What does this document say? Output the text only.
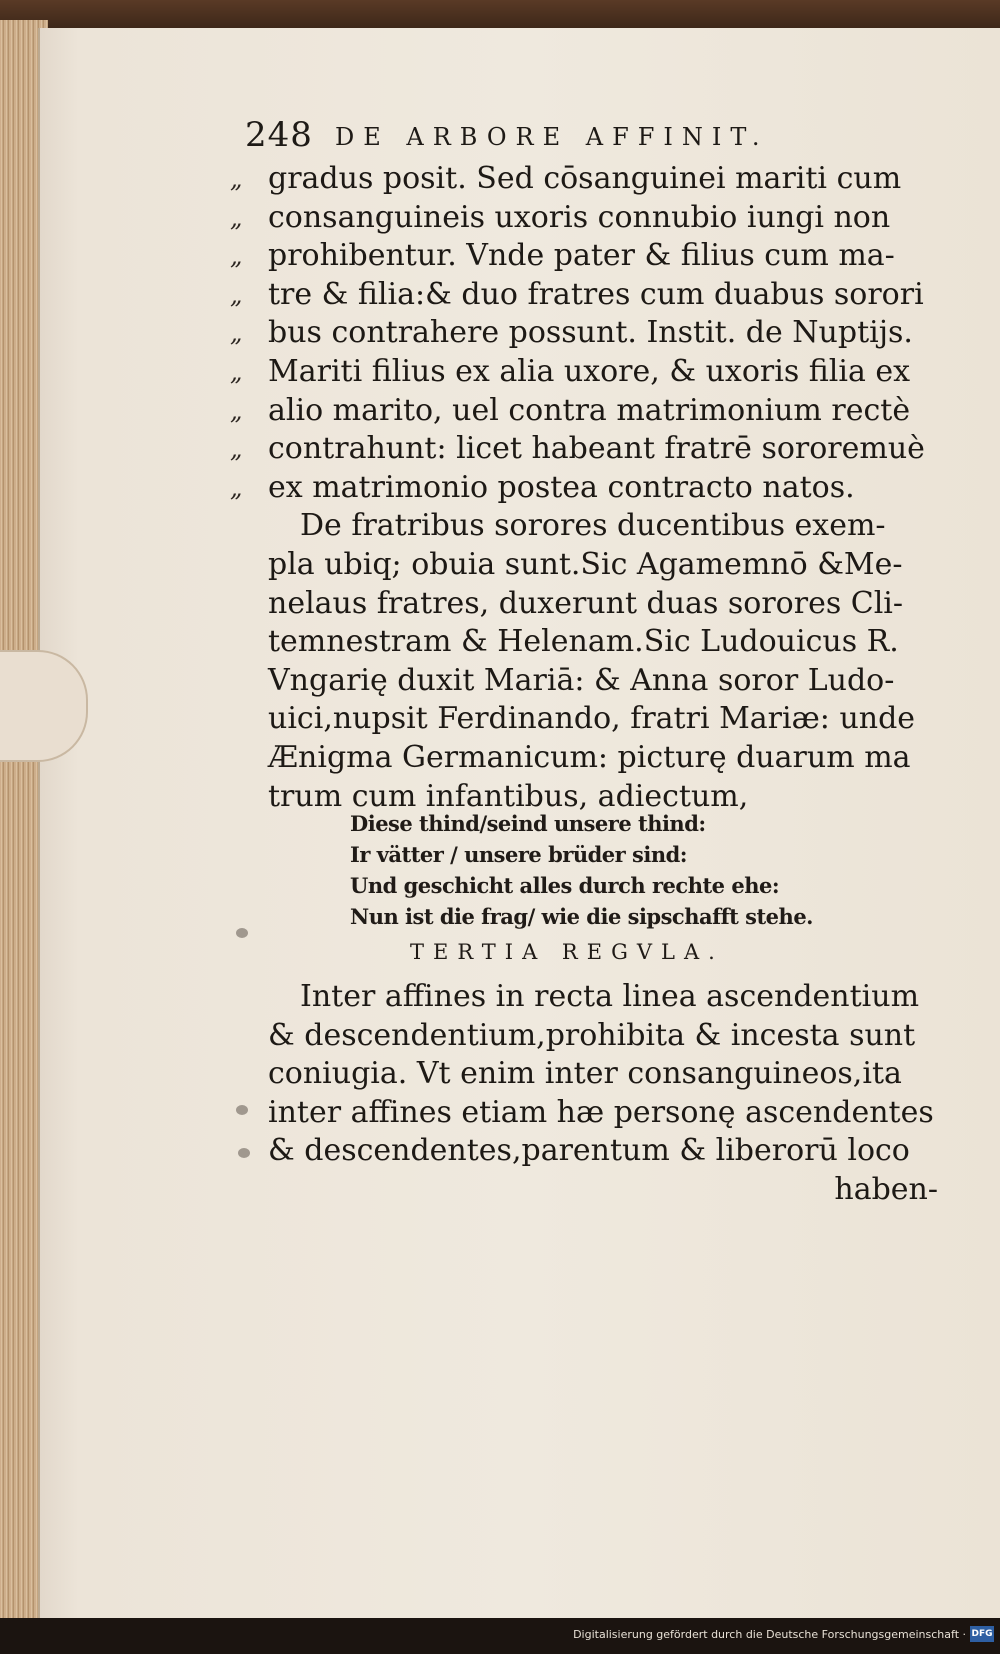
248 DE ARBORE AFFINIT.
„ gradus posit. Sed cōsanguinei mariti cum
„ consanguineis uxoris connubio iungi non
„ prohibentur. Vnde pater & filius cum ma-
„ tre & filia:& duo fratres cum duabus sorori
„ bus contrahere possunt. Instit. de Nuptijs.
„ Mariti filius ex alia uxore, & uxoris filia ex
„ alio marito, uel contra matrimonium rectè
„ contrahunt: licet habeant fratrē sororemuè
„ ex matrimonio postea contracto natos.
De fratribus sorores ducentibus exem-
pla ubiq; obuia sunt.Sic Agamemnō &Me-
nelaus fratres, duxerunt duas sorores Cli-
temnestram & Helenam.Sic Ludouicus R.
Vngarię duxit Mariā: & Anna soror Ludo-
uici,nupsit Ferdinando, fratri Mariæ: unde
Ænigma Germanicum: picturę duarum ma
trum cum infantibus, adiectum,
Diese thind/seind unsere thind:
Ir vätter / unsere brüder sind:
Und geschicht alles durch rechte ehe:
Nun ist die frag/ wie die sipschafft stehe.
TERTIA REGVLA.
Inter affines in recta linea ascendentium
& descendentium,prohibita & incesta sunt
coniugia. Vt enim inter consanguineos,ita
inter affines etiam hæ personę ascendentes
& descendentes,parentum & liberorū loco
haben-
Digitalisierung gefördert durch die Deutsche Forschungsgemeinschaft · DFG
